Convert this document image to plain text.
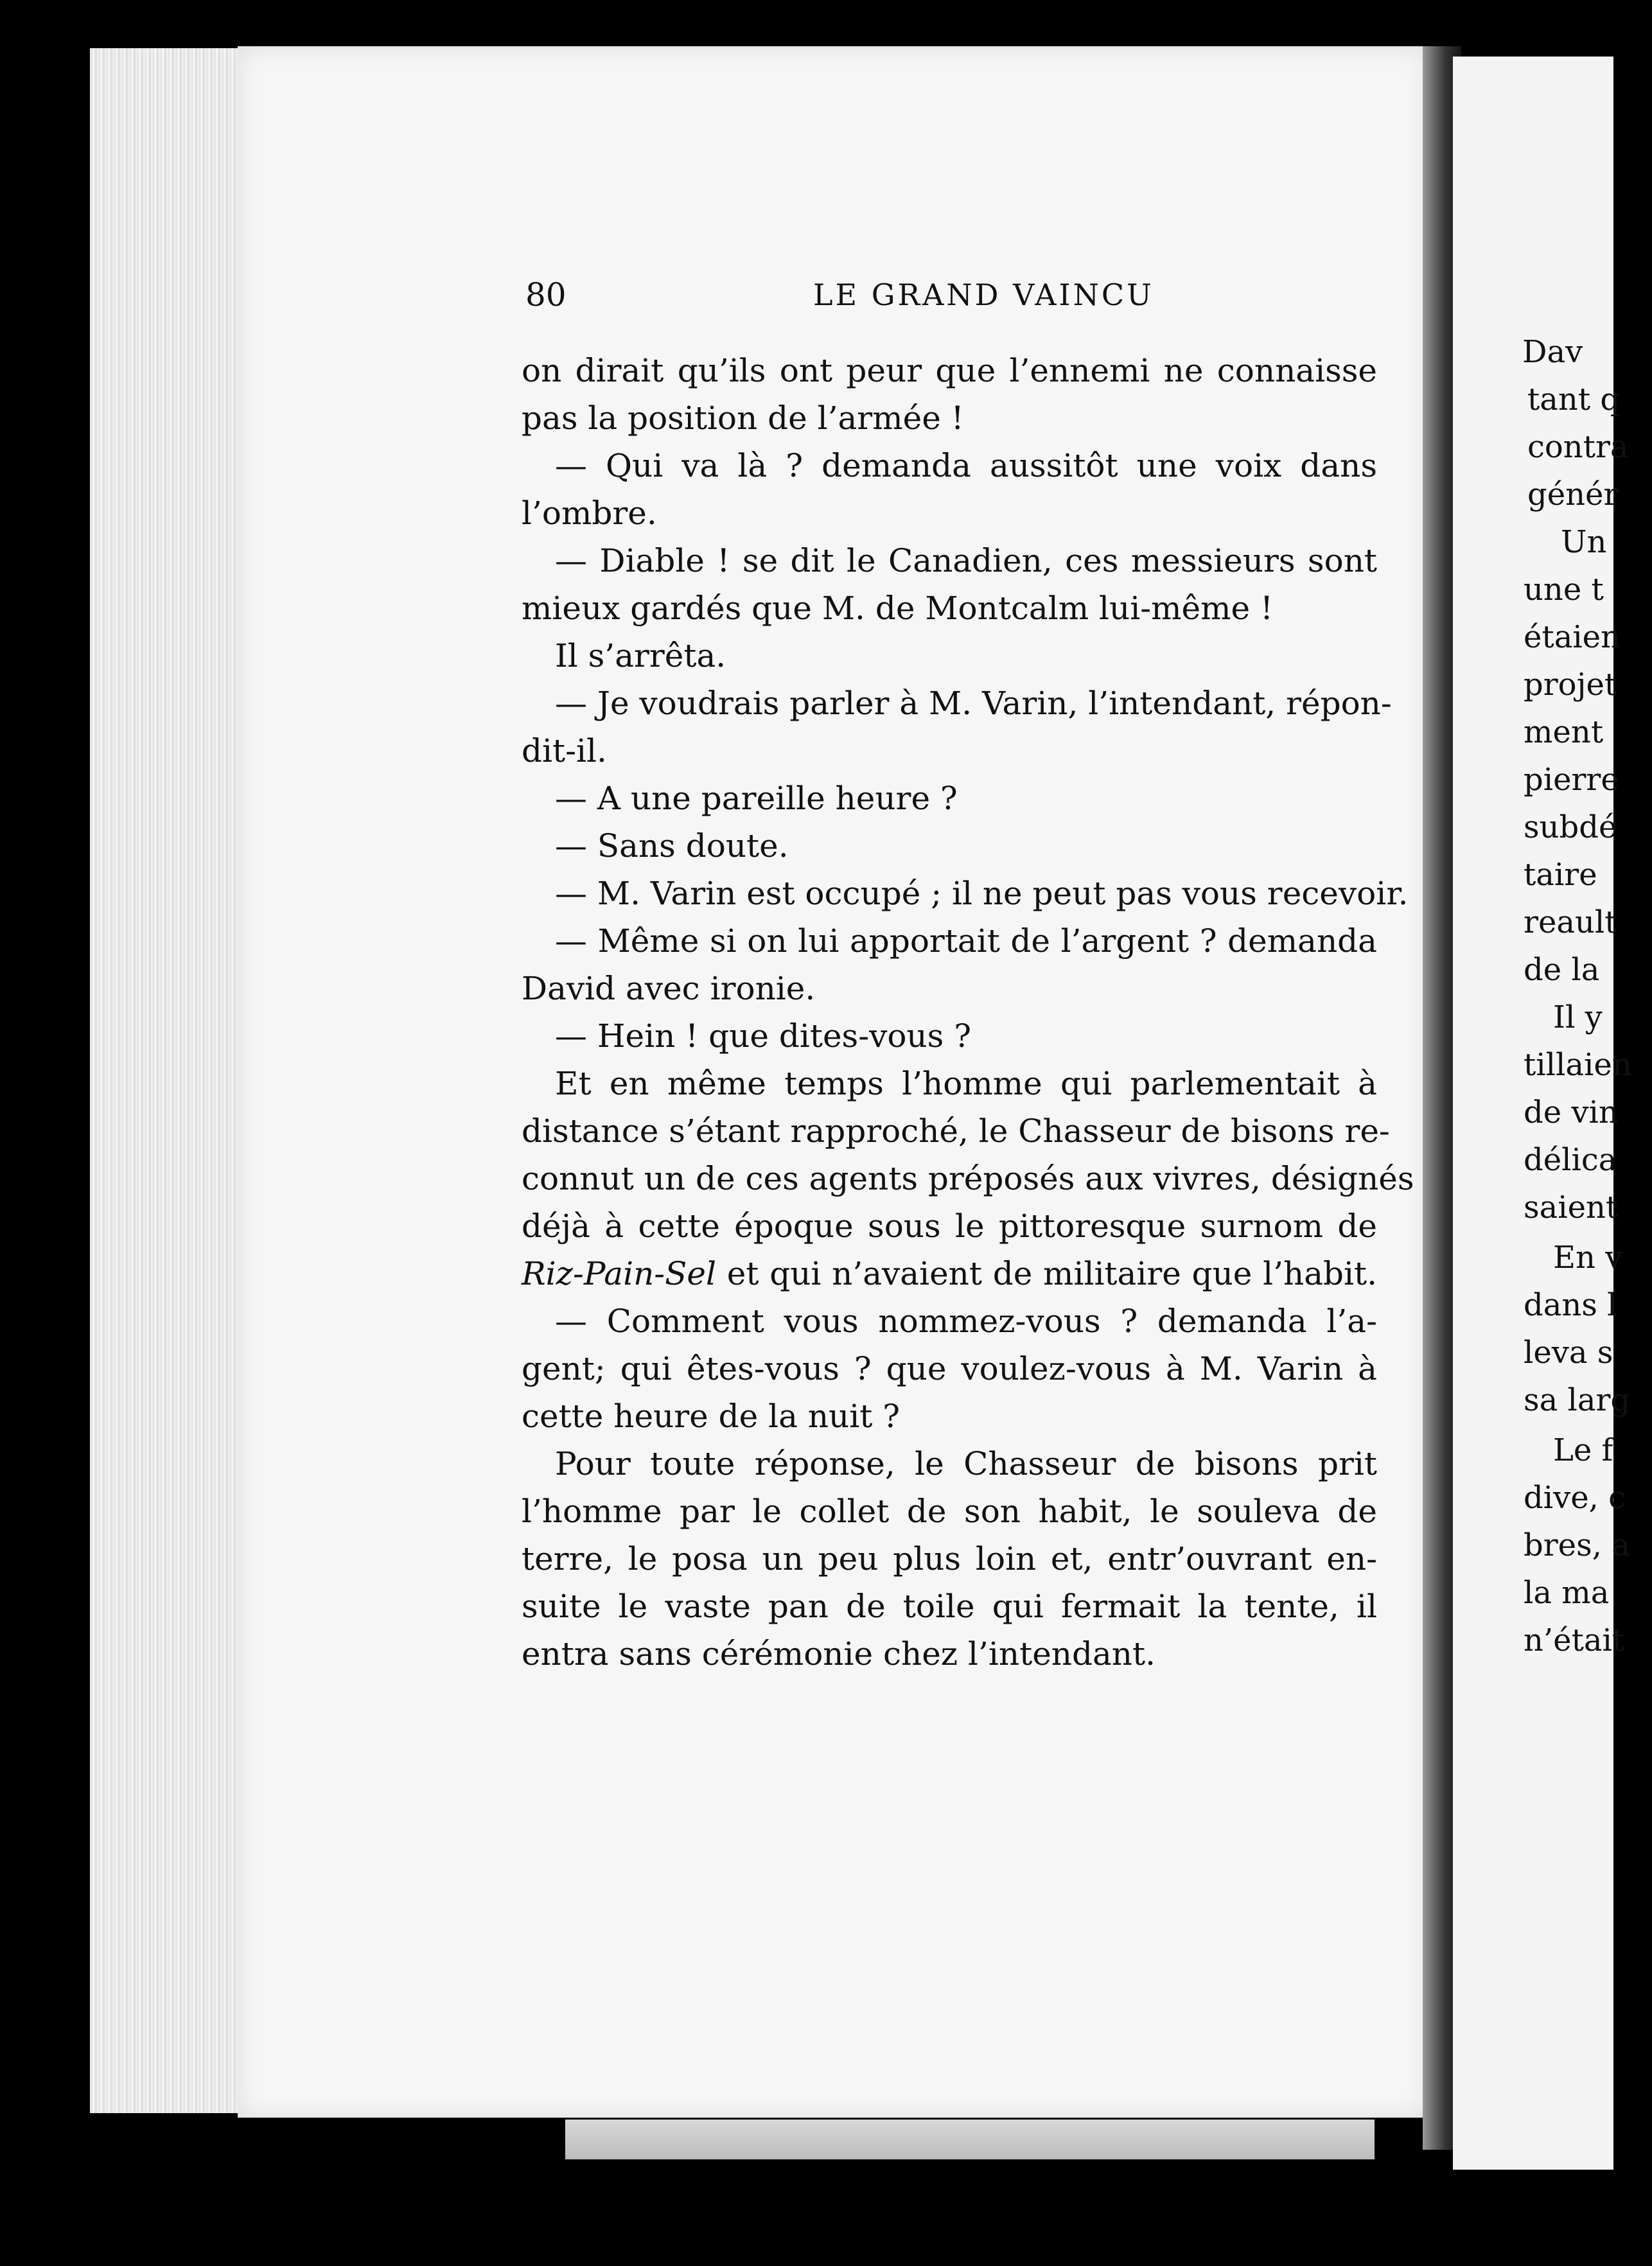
80	LE GRAND VAINCU
on dirait qu’ils ont peur que l’ennemi ne connaisse
pas la position de l’armée !
— Qui va là ? demanda aussitôt une voix dans
l’ombre.
— Diable ! se dit le Canadien, ces messieurs sont
mieux gardés que M. de Montcalm lui-même !
Il s’arrêta.
— Je voudrais parler à M. Varin, l’intendant, répon-
dit-il.
— A une pareille heure ?
— Sans doute.
— M. Varin est occupé ; il ne peut pas vous recevoir.
— Même si on lui apportait de l’argent ? demanda
David avec ironie.
— Hein ! que dites-vous ?
Et en même temps l’homme qui parlementait à
distance s’étant rapproché, le Chasseur de bisons re-
connut un de ces agents préposés aux vivres, désignés
déjà à cette époque sous le pittoresque surnom de
Riz-Pain-Sel et qui n’avaient de militaire que l’habit.
— Comment vous nommez-vous ? demanda l’a-
gent; qui êtes-vous ? que voulez-vous à M. Varin à
cette heure de la nuit ?
Pour toute réponse, le Chasseur de bisons prit
l’homme par le collet de son habit, le souleva de
terre, le posa un peu plus loin et, entr’ouvrant en-
suite le vaste pan de toile qui fermait la tente, il
entra sans cérémonie chez l’intendant.
Dav
tant q
contra
génér
Un
une t
étaien
projet
ment
pierre
subdé
taire
reault
de la
Il y
tillaien
de vin
délica
saient
En v
dans l
leva s
sa larg
Le f
dive, c
bres, a
la ma
n’était
